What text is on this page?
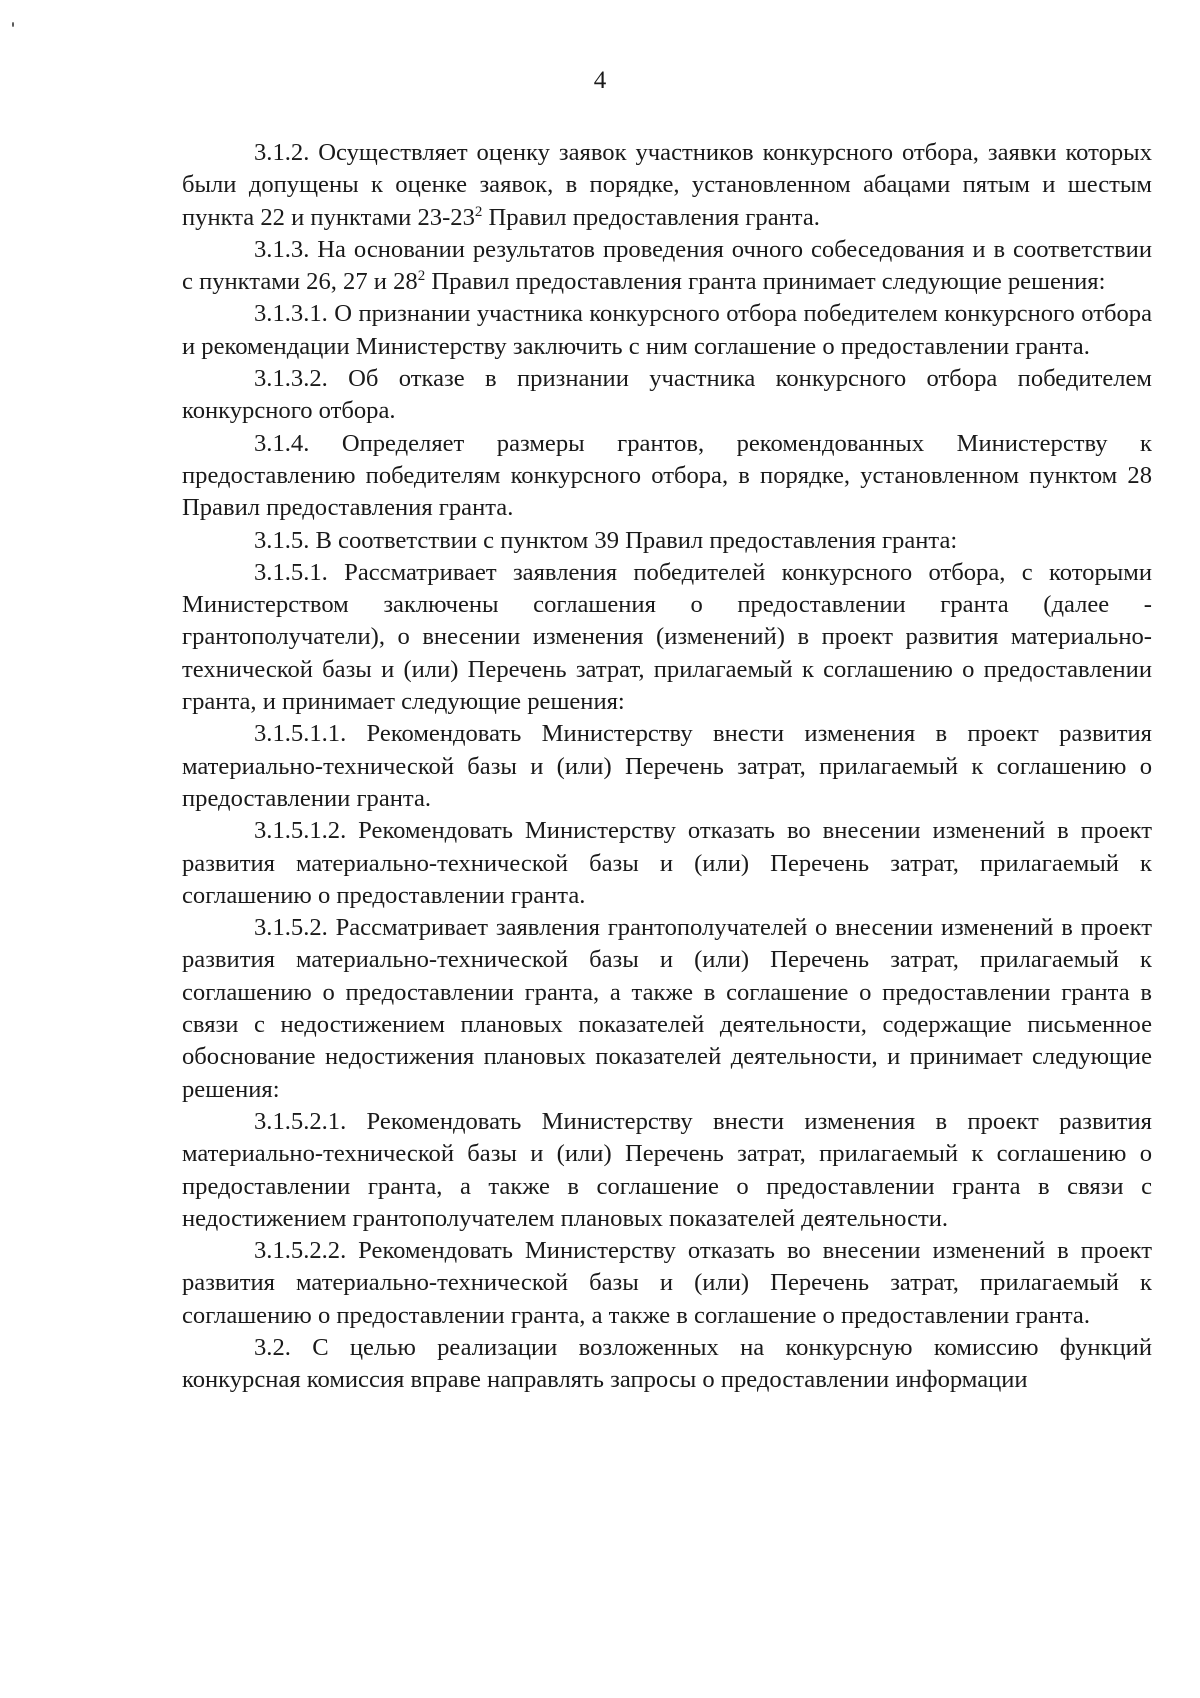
4

3.1.2. Осуществляет оценку заявок участников конкурсного отбора, заявки которых были допущены к оценке заявок, в порядке, установленном абацами пятым и шестым пункта 22 и пунктами $23-23^2$ Правил предоставления гранта.

3.1.3. На основании результатов проведения очного собеседования и в соответствии с пунктами 26, 27 и $28^2$ Правил предоставления гранта принимает следующие решения:

3.1.3.1. О признании участника конкурсного отбора победителем конкурсного отбора и рекомендации Министерству заключить с ним соглашение о предоставлении гранта.

3.1.3.2. Об отказе в признании участника конкурсного отбора победителем конкурсного отбора.

3.1.4. Определяет размеры грантов, рекомендованных Министерству к предоставлению победителям конкурсного отбора, в порядке, установленном пунктом 28 Правил предоставления гранта.

3.1.5. В соответствии с пунктом 39 Правил предоставления гранта:

3.1.5.1. Рассматривает заявления победителей конкурсного отбора, с которыми Министерством заключены соглашения о предоставлении гранта (далее - грантополучатели), о внесении изменения (изменений) в проект развития материально-технической базы и (или) Перечень затрат, прилагаемый к соглашению о предоставлении гранта, и принимает следующие решения:

3.1.5.1.1. Рекомендовать Министерству внести изменения в проект развития материально-технической базы и (или) Перечень затрат, прилагаемый к соглашению о предоставлении гранта.

3.1.5.1.2. Рекомендовать Министерству отказать во внесении изменений в проект развития материально-технической базы и (или) Перечень затрат, прилагаемый к соглашению о предоставлении гранта.

3.1.5.2. Рассматривает заявления грантополучателей о внесении изменений в проект развития материально-технической базы и (или) Перечень затрат, прилагаемый к соглашению о предоставлении гранта, а также в соглашение о предоставлении гранта в связи с недостижением плановых показателей деятельности, содержащие письменное обоснование недостижения плановых показателей деятельности, и принимает следующие решения:

3.1.5.2.1. Рекомендовать Министерству внести изменения в проект развития материально-технической базы и (или) Перечень затрат, прилагаемый к соглашению о предоставлении гранта, а также в соглашение о предоставлении гранта в связи с недостижением грантополучателем плановых показателей деятельности.

3.1.5.2.2. Рекомендовать Министерству отказать во внесении изменений в проект развития материально-технической базы и (или) Перечень затрат, прилагаемый к соглашению о предоставлении гранта, а также в соглашение о предоставлении гранта.

3.2. С целью реализации возложенных на конкурсную комиссию функций конкурсная комиссия вправе направлять запросы о предоставлении информации
